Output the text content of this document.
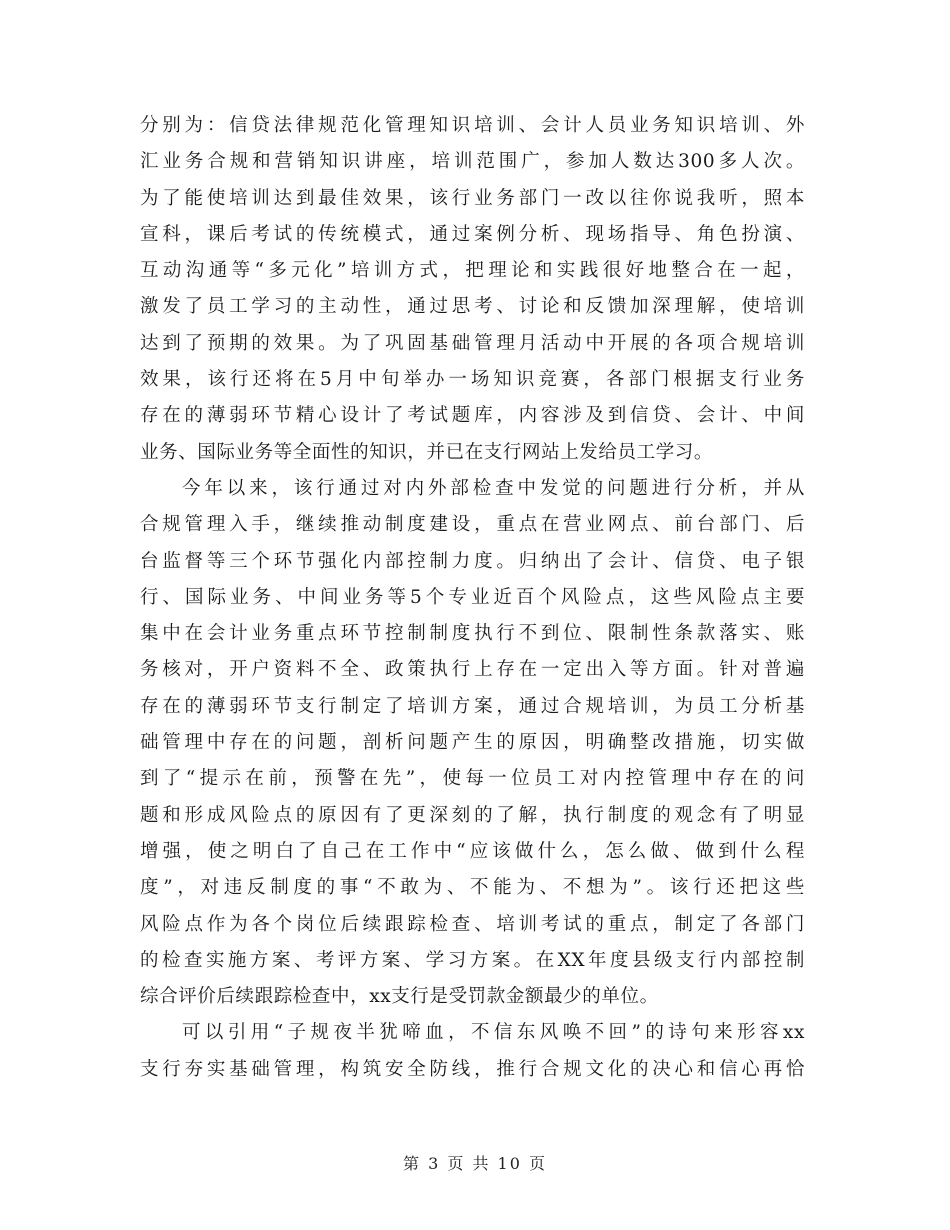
分别为：信贷法律规范化管理知识培训、会计人员业务知识培训、外
汇业务合规和营销知识讲座，培训范围广，参加人数达300多人次。
为了能使培训达到最佳效果，该行业务部门一改以往你说我听，照本
宣科，课后考试的传统模式，通过案例分析、现场指导、角色扮演、
互动沟通等“多元化”培训方式，把理论和实践很好地整合在一起，
激发了员工学习的主动性，通过思考、讨论和反馈加深理解，使培训
达到了预期的效果。为了巩固基础管理月活动中开展的各项合规培训
效果，该行还将在5月中旬举办一场知识竞赛，各部门根据支行业务
存在的薄弱环节精心设计了考试题库，内容涉及到信贷、会计、中间
业务、国际业务等全面性的知识，并已在支行网站上发给员工学习。
今年以来，该行通过对内外部检查中发觉的问题进行分析，并从
合规管理入手，继续推动制度建设，重点在营业网点、前台部门、后
台监督等三个环节强化内部控制力度。归纳出了会计、信贷、电子银
行、国际业务、中间业务等5个专业近百个风险点，这些风险点主要
集中在会计业务重点环节控制制度执行不到位、限制性条款落实、账
务核对，开户资料不全、政策执行上存在一定出入等方面。针对普遍
存在的薄弱环节支行制定了培训方案，通过合规培训，为员工分析基
础管理中存在的问题，剖析问题产生的原因，明确整改措施，切实做
到了“提示在前，预警在先”，使每一位员工对内控管理中存在的问
题和形成风险点的原因有了更深刻的了解，执行制度的观念有了明显
增强，使之明白了自己在工作中“应该做什么，怎么做、做到什么程
度”，对违反制度的事“不敢为、不能为、不想为”。该行还把这些
风险点作为各个岗位后续跟踪检查、培训考试的重点，制定了各部门
的检查实施方案、考评方案、学习方案。在XX年度县级支行内部控制
综合评价后续跟踪检查中，xx支行是受罚款金额最少的单位。
可以引用“子规夜半犹啼血，不信东风唤不回”的诗句来形容xx
支行夯实基础管理，构筑安全防线，推行合规文化的决心和信心再恰
第 3 页 共 10 页
